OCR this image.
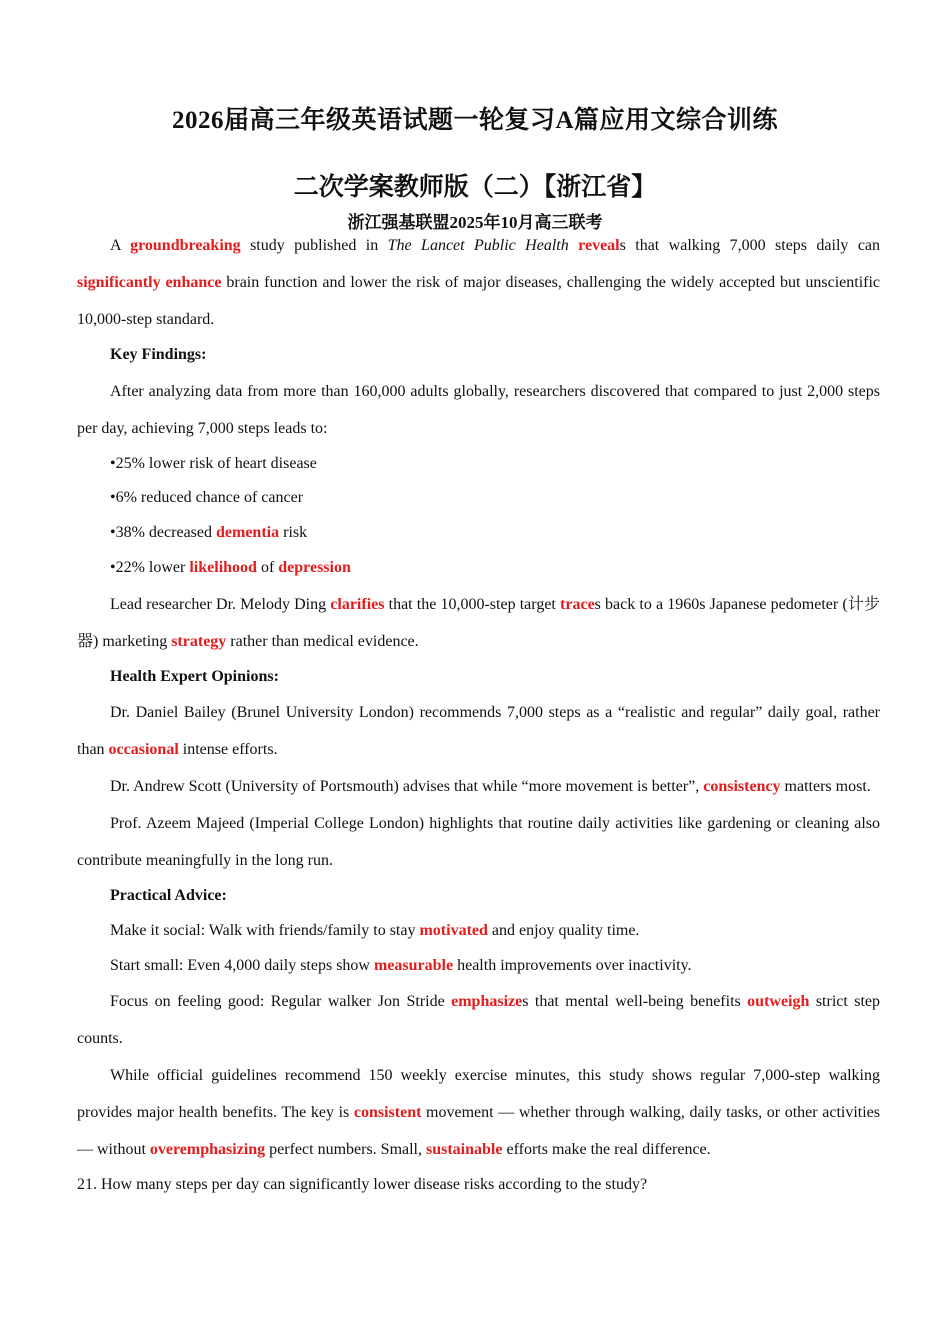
2026届高三年级英语试题一轮复习A篇应用文综合训练
二次学案教师版（二）【浙江省】
浙江强基联盟2025年10月高三联考

A groundbreaking study published in The Lancet Public Health reveals that walking 7,000 steps daily can significantly enhance brain function and lower the risk of major diseases, challenging the widely accepted but unscientific 10,000-step standard.

Key Findings:

After analyzing data from more than 160,000 adults globally, researchers discovered that compared to just 2,000 steps per day, achieving 7,000 steps leads to:

•25% lower risk of heart disease

•6% reduced chance of cancer

•38% decreased dementia risk

•22% lower likelihood of depression

Lead researcher Dr. Melody Ding clarifies that the 10,000-step target traces back to a 1960s Japanese pedometer (计步器) marketing strategy rather than medical evidence.

Health Expert Opinions:

Dr. Daniel Bailey (Brunel University London) recommends 7,000 steps as a “realistic and regular” daily goal, rather than occasional intense efforts.

Dr. Andrew Scott (University of Portsmouth) advises that while “more movement is better”, consistency matters most.

Prof. Azeem Majeed (Imperial College London) highlights that routine daily activities like gardening or cleaning also contribute meaningfully in the long run.

Practical Advice:

Make it social: Walk with friends/family to stay motivated and enjoy quality time.

Start small: Even 4,000 daily steps show measurable health improvements over inactivity.

Focus on feeling good: Regular walker Jon Stride emphasizes that mental well-being benefits outweigh strict step counts.

While official guidelines recommend 150 weekly exercise minutes, this study shows regular 7,000-step walking provides major health benefits. The key is consistent movement — whether through walking, daily tasks, or other activities — without overemphasizing perfect numbers. Small, sustainable efforts make the real difference.

21. How many steps per day can significantly lower disease risks according to the study?
